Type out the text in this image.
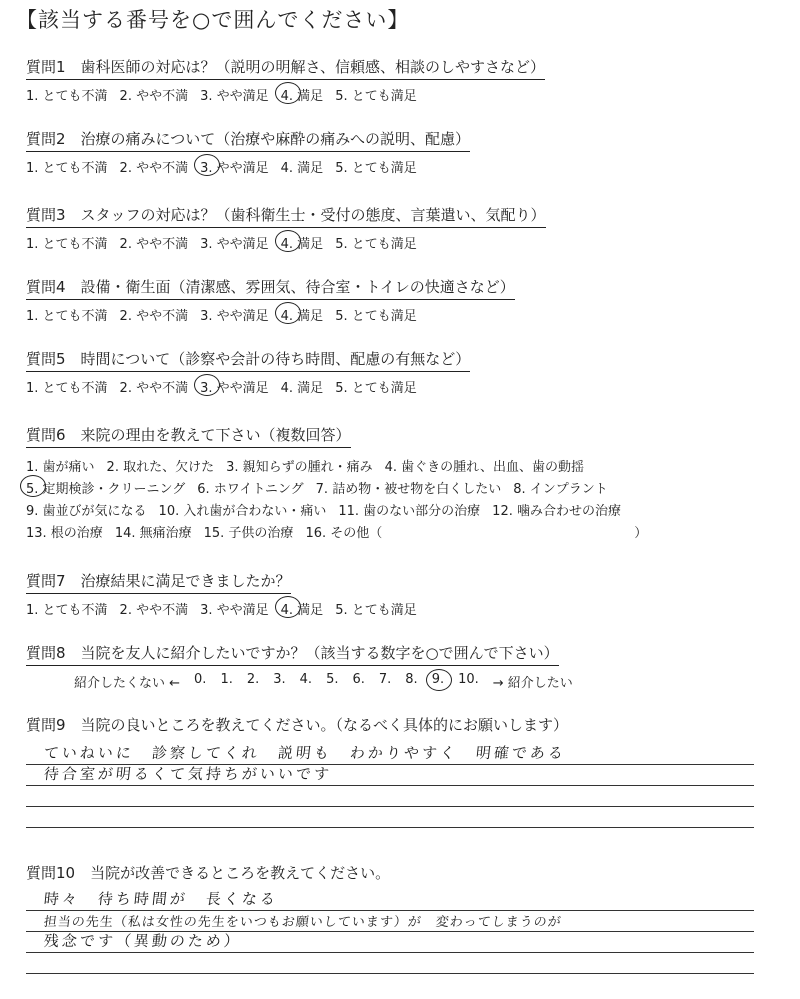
【該当する番号を○で囲んでください】
質問1　歯科医師の対応は？（説明の明解さ、信頼感、相談のしやすさなど）
1. とても不満 2. やや不満 3. やや満足 4. 満足 5. とても満足
質問2　治療の痛みについて（治療や麻酔の痛みへの説明、配慮）
1. とても不満 2. やや不満 3. やや満足 4. 満足 5. とても満足
質問3　スタッフの対応は？（歯科衛生士・受付の態度、言葉遣い、気配り）
1. とても不満 2. やや不満 3. やや満足 4. 満足 5. とても満足
質問4　設備・衛生面（清潔感、雰囲気、待合室・トイレの快適さなど）
1. とても不満 2. やや不満 3. やや満足 4. 満足 5. とても満足
質問5　時間について（診察や会計の待ち時間、配慮の有無など）
1. とても不満 2. やや不満 3. やや満足 4. 満足 5. とても満足
質問6　来院の理由を教えて下さい（複数回答）
1. 歯が痛い 2. 取れた、欠けた 3. 親知らずの腫れ・痛み 4. 歯ぐきの腫れ、出血、歯の動揺
5. 定期検診・クリーニング 6. ホワイトニング 7. 詰め物・被せ物を白くしたい 8. インプラント
9. 歯並びが気になる 10. 入れ歯が合わない・痛い 11. 歯のない部分の治療 12. 噛み合わせの治療
13. 根の治療 14. 無痛治療 15. 子供の治療 16. その他（	）
質問7　治療結果に満足できましたか？
1. とても不満 2. やや不満 3. やや満足 4. 満足 5. とても満足
質問8　当院を友人に紹介したいですか？（該当する数字を○で囲んで下さい）
紹介したくない ← 0. 1. 2. 3. 4. 5. 6. 7. 8. 9. 10. → 紹介したい
質問9　当院の良いところを教えてください。（なるべく具体的にお願いします）
ていねいに　診察してくれ　説明も　わかりやすく　明確である
待合室が明るくて気持ちがいいです
質問10　当院が改善できるところを教えてください。
時々　待ち時間が　長くなる
担当の先生（私は女性の先生をいつもお願いしています）が　変わってしまうのが
残念です（異動のため）
